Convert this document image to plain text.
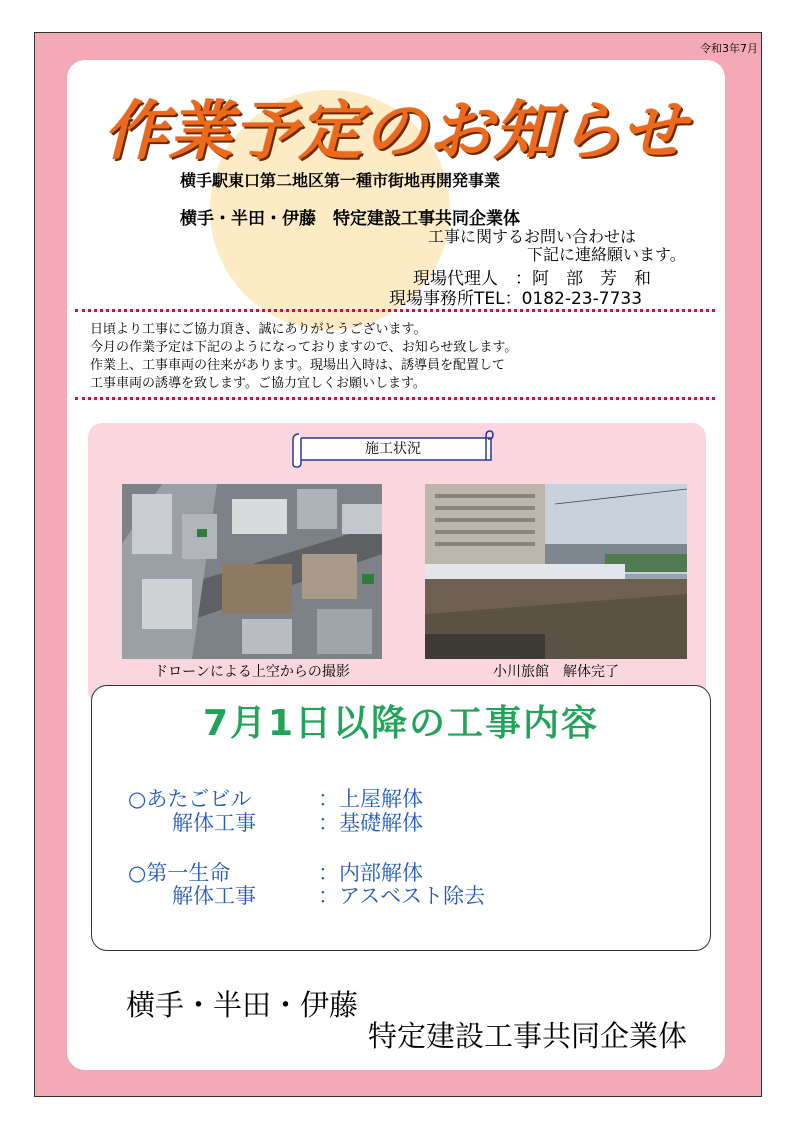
令和3年7月
作業予定のお知らせ
横手駅東口第二地区第一種市街地再開発事業
横手・半田・伊藤　特定建設工事共同企業体
工事に関するお問い合わせは
下記に連絡願います。
現場代理人　：阿　部　芳　和
現場事務所TEL：0182-23-7733
日頃より工事にご協力頂き、誠にありがとうございます。
今月の作業予定は下記のようになっておりますので、お知らせ致します。
作業上、工事車両の往来があります。現場出入時は、誘導員を配置して
工事車両の誘導を致します。ご協力宜しくお願いします。
施工状況
ドローンによる上空からの撮影	小川旅館　解体完了
7月1日以降の工事内容
○あたごビル
解体工事
：上屋解体
：基礎解体
○第一生命
解体工事
：内部解体
：アスベスト除去
横手・半田・伊藤
特定建設工事共同企業体
